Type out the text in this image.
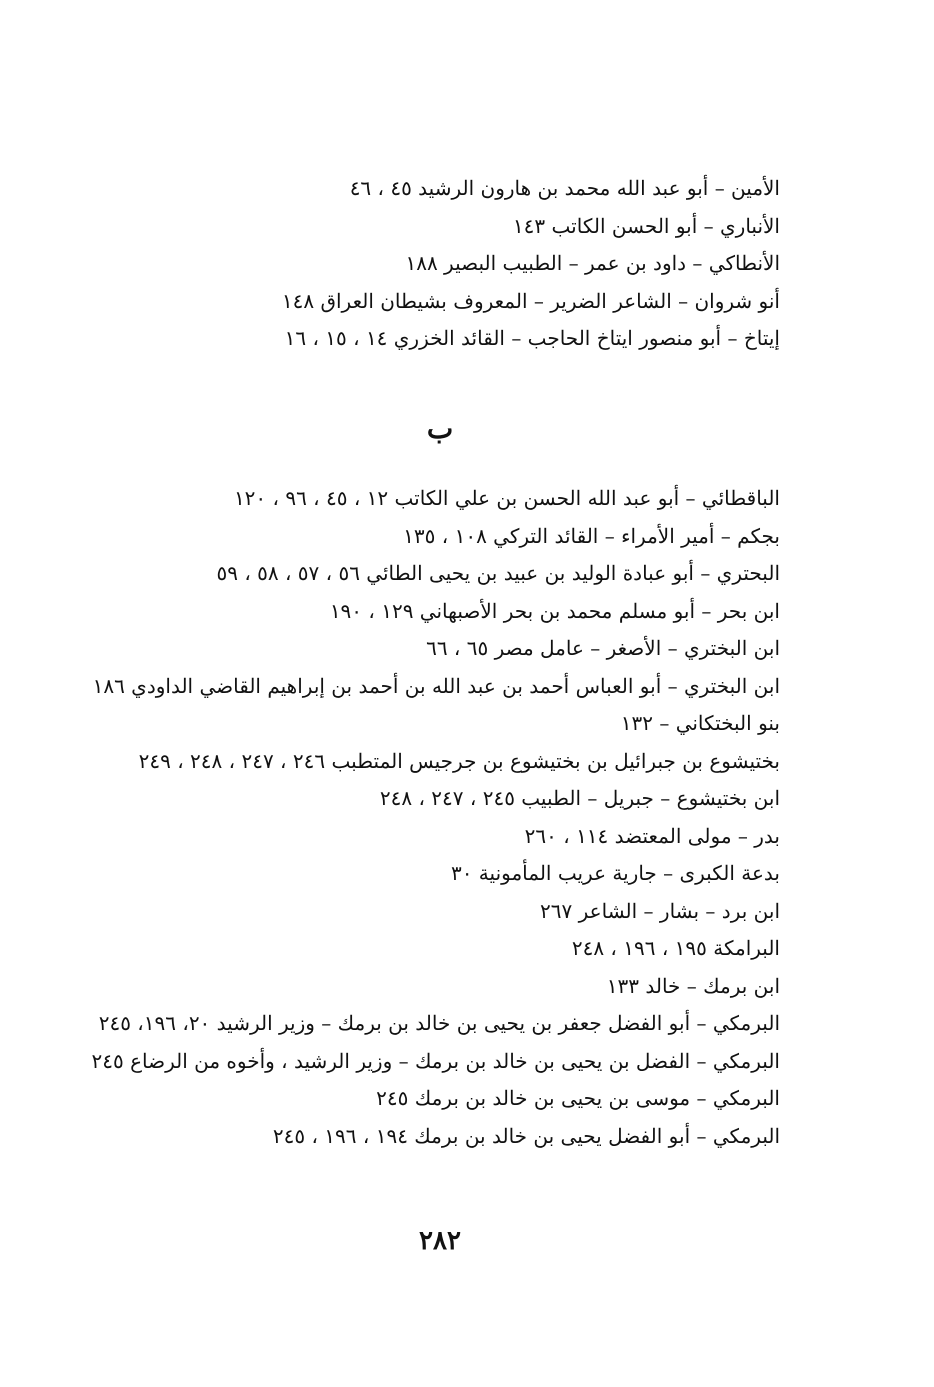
الأمين – أبو عبد الله محمد بن هارون الرشيد ٤٥ ، ٤٦
الأنباري – أبو الحسن الكاتب ١٤٣
الأنطاكي – داود بن عمر – الطبيب البصير ١٨٨
أنو شروان – الشاعر الضرير – المعروف بشيطان العراق ١٤٨
إيتاخ – أبو منصور ايتاخ الحاجب – القائد الخزري ١٤ ، ١٥ ، ١٦
ب
الباقطائي – أبو عبد الله الحسن بن علي الكاتب ١٢ ، ٤٥ ، ٩٦ ، ١٢٠
بجكم – أمير الأمراء – القائد التركي ١٠٨ ، ١٣٥
البحتري – أبو عبادة الوليد بن عبيد بن يحيى الطائي ٥٦ ، ٥٧ ، ٥٨ ، ٥٩
ابن بحر – أبو مسلم محمد بن بحر الأصبهاني ١٢٩ ، ١٩٠
ابن البختري – الأصغر – عامل مصر ٦٥ ، ٦٦
ابن البختري – أبو العباس أحمد بن عبد الله بن أحمد بن إبراهيم القاضي الداودي ١٨٦
بنو البختكاني – ١٣٢
بختيشوع بن جبرائيل بن بختيشوع بن جرجيس المتطبب ٢٤٦ ، ٢٤٧ ، ٢٤٨ ، ٢٤٩
ابن بختيشوع – جبريل – الطبيب ٢٤٥ ، ٢٤٧ ، ٢٤٨
بدر – مولى المعتضد ١١٤ ، ٢٦٠
بدعة الكبرى – جارية عريب المأمونية ٣٠
ابن برد – بشار – الشاعر ٢٦٧
البرامكة ١٩٥ ، ١٩٦ ، ٢٤٨
ابن برمك – خالد ١٣٣
البرمكي – أبو الفضل جعفر بن يحيى بن خالد بن برمك – وزير الرشيد ٢٠، ١٩٦، ٢٤٥
البرمكي – الفضل بن يحيى بن خالد بن برمك – وزير الرشيد ، وأخوه من الرضاع ٢٤٥
البرمكي – موسى بن يحيى بن خالد بن برمك ٢٤٥
البرمكي – أبو الفضل يحيى بن خالد بن برمك ١٩٤ ، ١٩٦ ، ٢٤٥
٢٨٢
